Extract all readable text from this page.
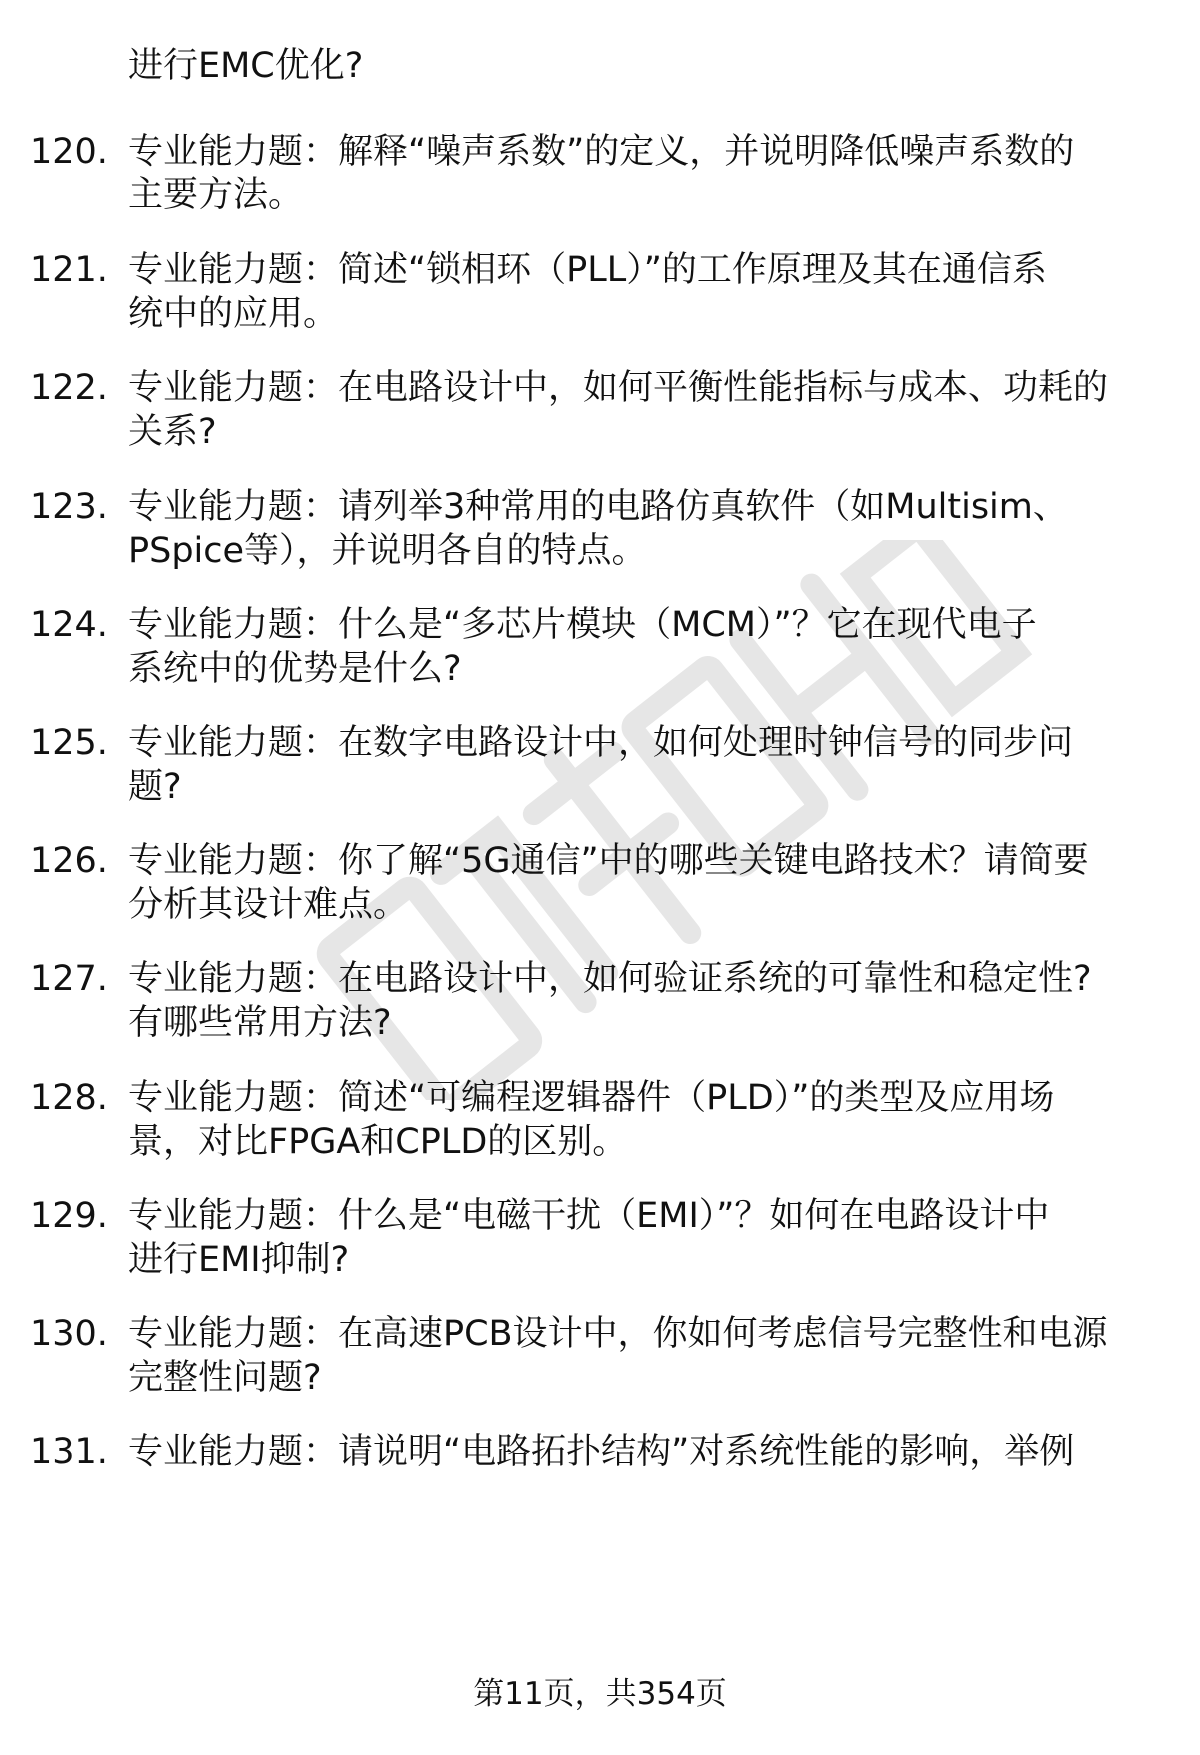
进行EMC优化?
120. 专业能力题：解释“噪声系数”的定义，并说明降低噪声系数的
主要方法。
121. 专业能力题：简述“锁相环（PLL）”的工作原理及其在通信系
统中的应用。
122. 专业能力题：在电路设计中，如何平衡性能指标与成本、功耗的
关系?
123. 专业能力题：请列举3种常用的电路仿真软件（如Multisim、
PSpice等），并说明各自的特点。
124. 专业能力题：什么是“多芯片模块（MCM）”？它在现代电子
系统中的优势是什么?
125. 专业能力题：在数字电路设计中，如何处理时钟信号的同步问
题?
126. 专业能力题：你了解“5G通信”中的哪些关键电路技术？请简要
分析其设计难点。
127. 专业能力题：在电路设计中，如何验证系统的可靠性和稳定性?
有哪些常用方法?
128. 专业能力题：简述“可编程逻辑器件（PLD）”的类型及应用场
景，对比FPGA和CPLD的区别。
129. 专业能力题：什么是“电磁干扰（EMI）”？如何在电路设计中
进行EMI抑制?
130. 专业能力题：在高速PCB设计中，你如何考虑信号完整性和电源
完整性问题?
131. 专业能力题：请说明“电路拓扑结构”对系统性能的影响，举例
第11页，共354页
